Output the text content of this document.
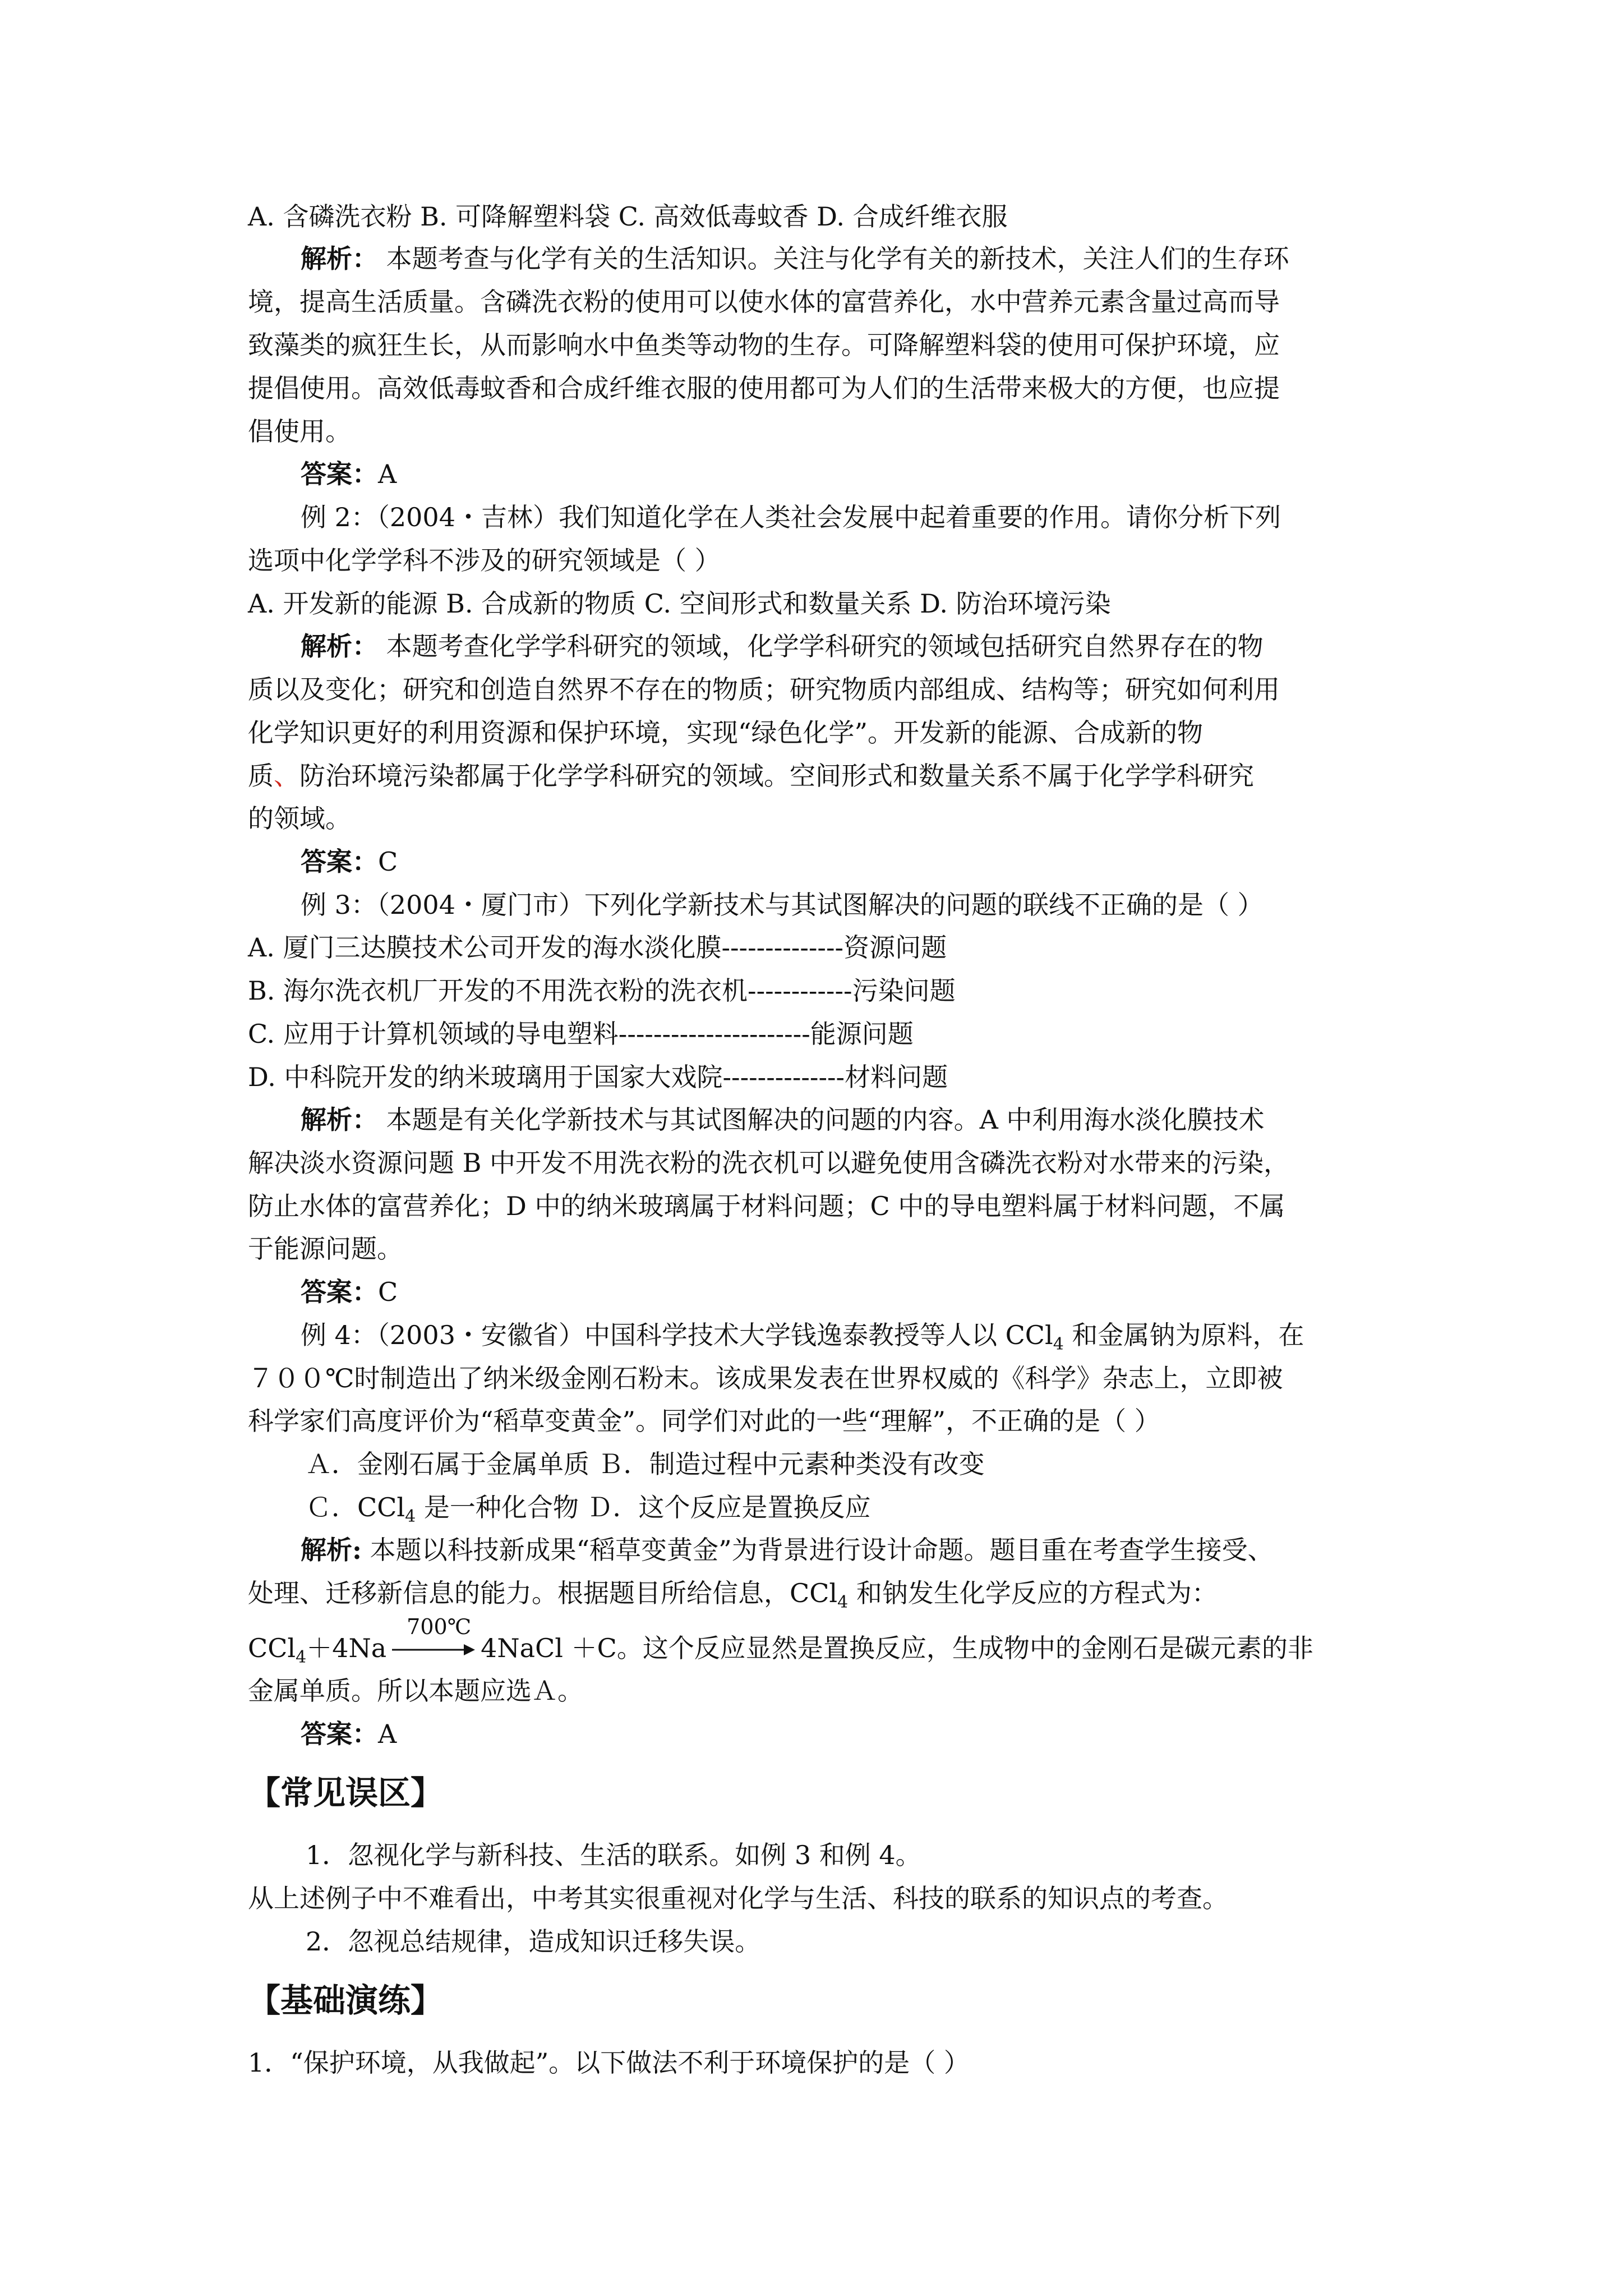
A. 含磷洗衣粉 B. 可降解塑料袋 C. 高效低毒蚊香 D. 合成纤维衣服
解析： 本题考查与化学有关的生活知识。关注与化学有关的新技术，关注人们的生存环
境，提高生活质量。含磷洗衣粉的使用可以使水体的富营养化，水中营养元素含量过高而导
致藻类的疯狂生长，从而影响水中鱼类等动物的生存。可降解塑料袋的使用可保护环境，应
提倡使用。高效低毒蚊香和合成纤维衣服的使用都可为人们的生活带来极大的方便，也应提
倡使用。
答案：A
例 2：（2004・吉林）我们知道化学在人类社会发展中起着重要的作用。请你分析下列
选项中化学学科不涉及的研究领域是（ ）
A. 开发新的能源 B. 合成新的物质 C. 空间形式和数量关系 D. 防治环境污染
解析： 本题考查化学学科研究的领域，化学学科研究的领域包括研究自然界存在的物
质以及变化；研究和创造自然界不存在的物质；研究物质内部组成、结构等；研究如何利用
化学知识更好的利用资源和保护环境，实现“绿色化学”。开发新的能源、合成新的物
质、防治环境污染都属于化学学科研究的领域。空间形式和数量关系不属于化学学科研究
的领域。
答案：C
例 3：（2004・厦门市）下列化学新技术与其试图解决的问题的联线不正确的是（ ）
A. 厦门三达膜技术公司开发的海水淡化膜--------------资源问题
B. 海尔洗衣机厂开发的不用洗衣粉的洗衣机------------污染问题
C. 应用于计算机领域的导电塑料----------------------能源问题
D. 中科院开发的纳米玻璃用于国家大戏院--------------材料问题
解析： 本题是有关化学新技术与其试图解决的问题的内容。A 中利用海水淡化膜技术
解决淡水资源问题 B 中开发不用洗衣粉的洗衣机可以避免使用含磷洗衣粉对水带来的污染，
防止水体的富营养化；D 中的纳米玻璃属于材料问题；C 中的导电塑料属于材料问题，不属
于能源问题。
答案：C
例 4：（2003・安徽省）中国科学技术大学钱逸泰教授等人以 CCl$_4$ 和金属钠为原料，在
７００℃时制造出了纳米级金刚石粉末。该成果发表在世界权威的《科学》杂志上，立即被
科学家们高度评价为“稻草变黄金”。同学们对此的一些“理解”，不正确的是（ ）
Ａ．金刚石属于金属单质 Ｂ．制造过程中元素种类没有改变
Ｃ．CCl$_4$ 是一种化合物 Ｄ．这个反应是置换反应
解析: 本题以科技新成果“稻草变黄金”为背景进行设计命题。题目重在考查学生接受、
处理、迁移新信息的能力。根据题目所给信息，CCl$_4$ 和钠发生化学反应的方程式为：
CCl$_4$＋4Na
700℃
4NaCl ＋C。这个反应显然是置换反应，生成物中的金刚石是碳元素的非
金属单质。所以本题应选Ａ。
答案：A
【常见误区】
1．忽视化学与新科技、生活的联系。如例 3 和例 4。
从上述例子中不难看出，中考其实很重视对化学与生活、科技的联系的知识点的考查。
2．忽视总结规律，造成知识迁移失误。
【基础演练】
1．“保护环境，从我做起”。以下做法不利于环境保护的是（ ）
